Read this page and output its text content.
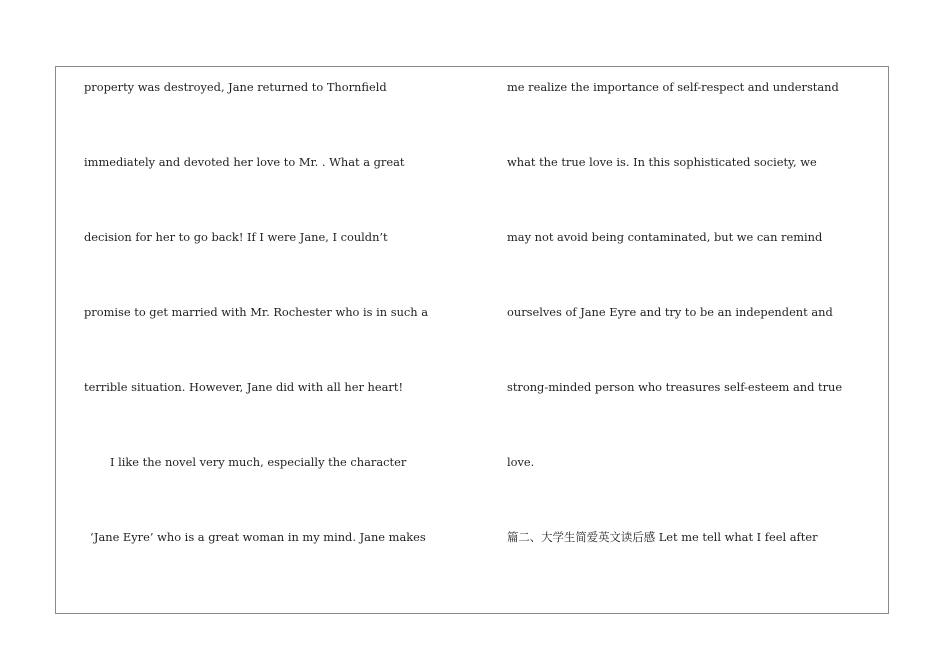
property was destroyed, Jane returned to Thornfield
immediately and devoted her love to Mr. . What a great
decision for her to go back! If I were Jane, I couldn’t
promise to get married with Mr. Rochester who is in such a
terrible situation. However, Jane did with all her heart!
I like the novel very much, especially the character
‘Jane Eyre’ who is a great woman in my mind. Jane makes
me realize the importance of self-respect and understand
what the true love is. In this sophisticated society, we
may not avoid being contaminated, but we can remind
ourselves of Jane Eyre and try to be an independent and
strong-minded person who treasures self-esteem and true
love.
篇二、大学生简爱英文读后感 Let me tell what I feel after
